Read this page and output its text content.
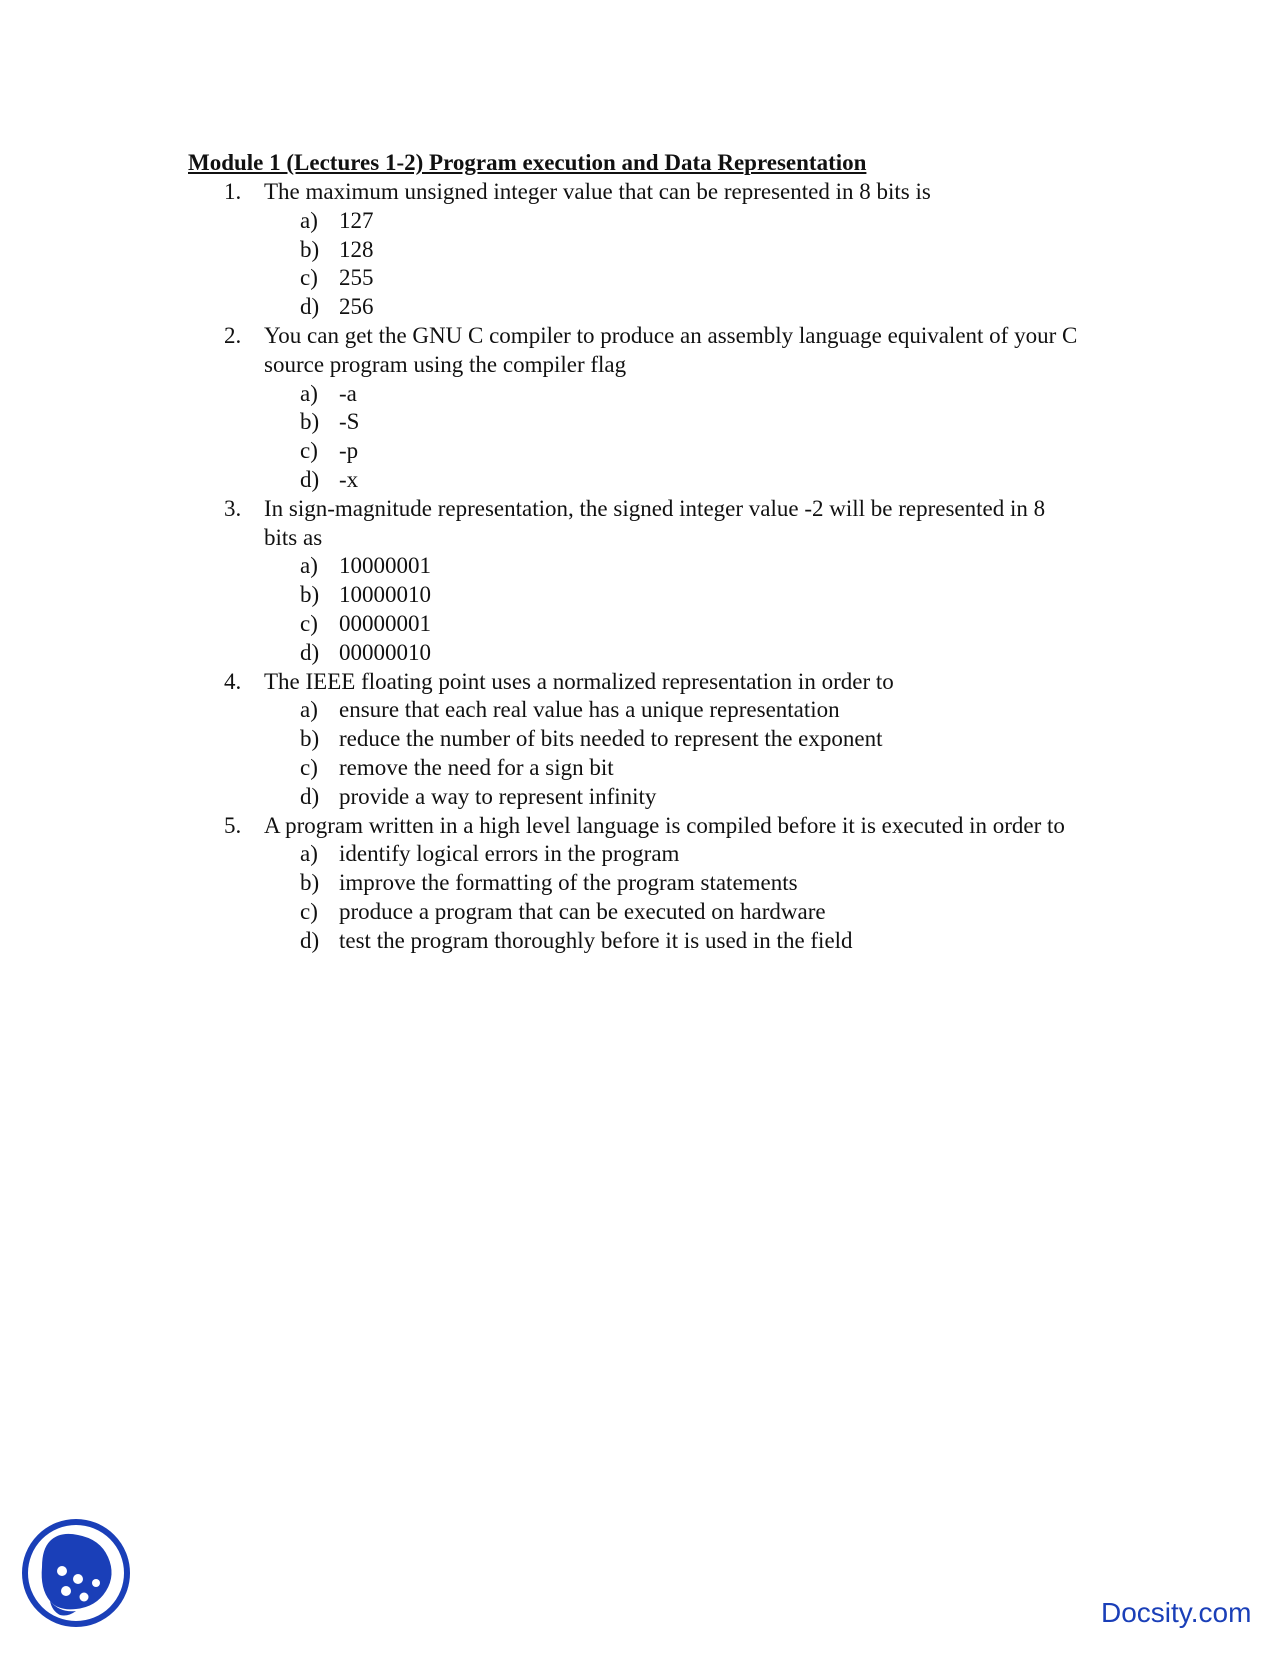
Module 1 (Lectures 1-2) Program execution and Data Representation
1. The maximum unsigned integer value that can be represented in 8 bits is
a) 127
b) 128
c) 255
d) 256
2. You can get the GNU C compiler to produce an assembly language equivalent of your C source program using the compiler flag
a) -a
b) -S
c) -p
d) -x
3. In sign-magnitude representation, the signed integer value -2 will be represented in 8 bits as
a) 10000001
b) 10000010
c) 00000001
d) 00000010
4. The IEEE floating point uses a normalized representation in order to
a) ensure that each real value has a unique representation
b) reduce the number of bits needed to represent the exponent
c) remove the need for a sign bit
d) provide a way to represent infinity
5. A program written in a high level language is compiled before it is executed in order to
a) identify logical errors in the program
b) improve the formatting of the program statements
c) produce a program that can be executed on hardware
d) test the program thoroughly before it is used in the field
Docsity.com
